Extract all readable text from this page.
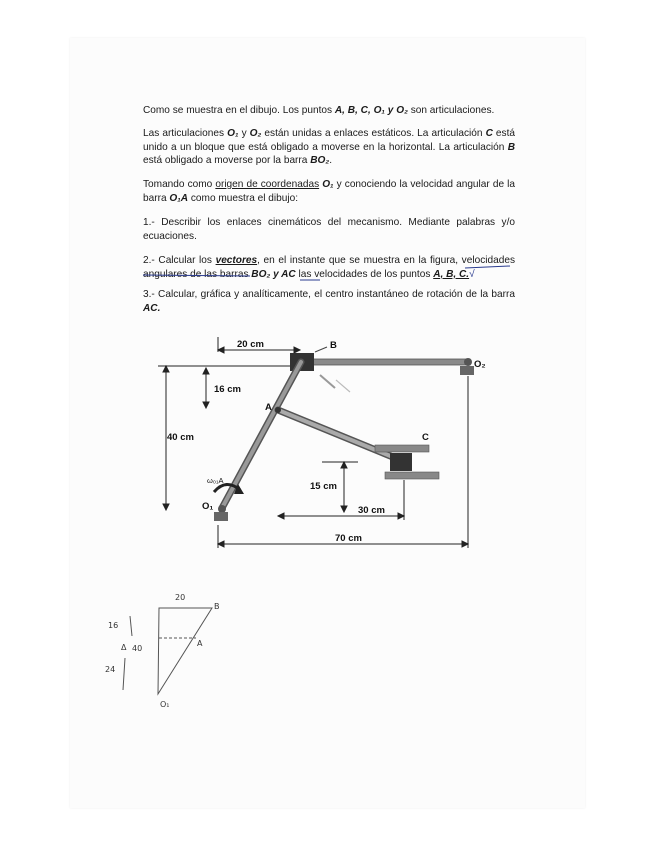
Como se muestra en el dibujo. Los puntos A, B, C, O₁ y O₂ son articulaciones.
Las articulaciones O₁ y O₂ están unidas a enlaces estáticos. La articulación C está unido a un bloque que está obligado a moverse en la horizontal. La articulación B está obligado a moverse por la barra BO₂.
Tomando como origen de coordenadas O₁ y conociendo la velocidad angular de la barra O₁A como muestra el dibujo:
1.- Describir los enlaces cinemáticos del mecanismo. Mediante palabras y/o ecuaciones.
2.- Calcular los vectores, en el instante que se muestra en la figura, velocidades angulares de las barras BO₂ y AC las velocidades de los puntos A, B, C.√
3.- Calcular, gráfica y analíticamente, el centro instantáneo de rotación de la barra AC.
20 cm
O₂
B
16 cm
40 cm
A
C
15 cm
ω₀₁A
O₁	30 cm
70 cm
20
B
16
Δ 40
24
A
O₁
